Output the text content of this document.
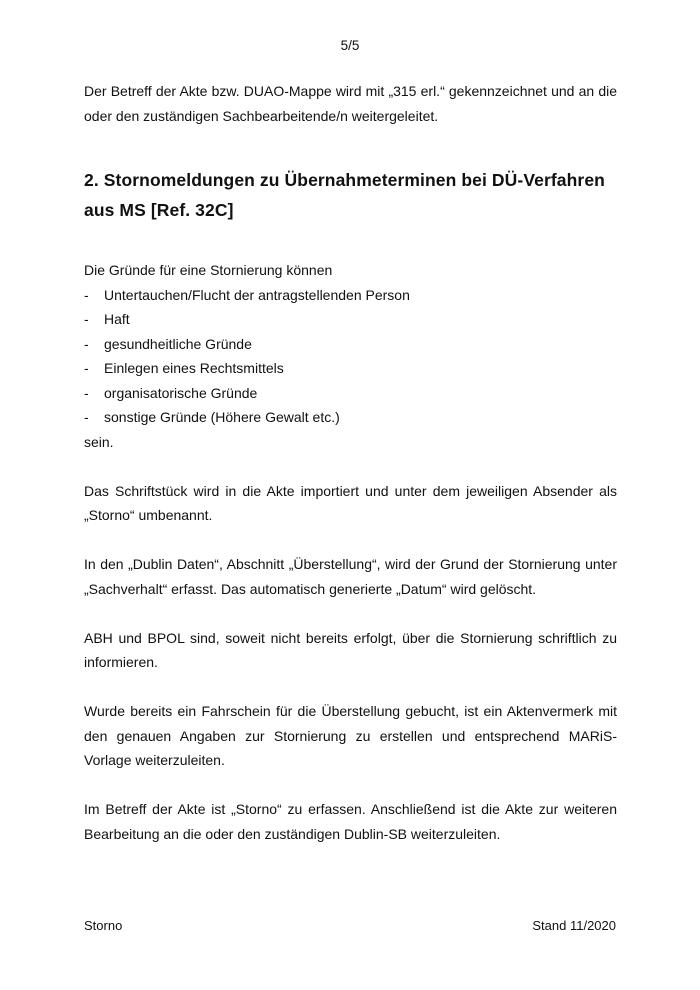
5/5

Der Betreff der Akte bzw. DUAO-Mappe wird mit „315 erl.“ gekennzeichnet und an die oder den zuständigen Sachbearbeitende/n weitergeleitet.

2. Stornomeldungen zu Übernahmeterminen bei DÜ-Verfahren aus MS [Ref. 32C]

Die Gründe für eine Stornierung können

- Untertauchen/Flucht der antragstellenden Person
- Haft
- gesundheitliche Gründe
- Einlegen eines Rechtsmittels
- organisatorische Gründe
- sonstige Gründe (Höhere Gewalt etc.)

sein.

Das Schriftstück wird in die Akte importiert und unter dem jeweiligen Absender als „Storno“ umbenannt.

In den „Dublin Daten“, Abschnitt „Überstellung“, wird der Grund der Stornierung unter „Sachverhalt“ erfasst. Das automatisch generierte „Datum“ wird gelöscht.

ABH und BPOL sind, soweit nicht bereits erfolgt, über die Stornierung schriftlich zu informieren.

Wurde bereits ein Fahrschein für die Überstellung gebucht, ist ein Aktenvermerk mit den genauen Angaben zur Stornierung zu erstellen und entsprechend MARiS- Vorlage weiterzuleiten.

Im Betreff der Akte ist „Storno“ zu erfassen. Anschließend ist die Akte zur weiteren Bearbeitung an die oder den zuständigen Dublin-SB weiterzuleiten.

Storno	Stand 11/2020
